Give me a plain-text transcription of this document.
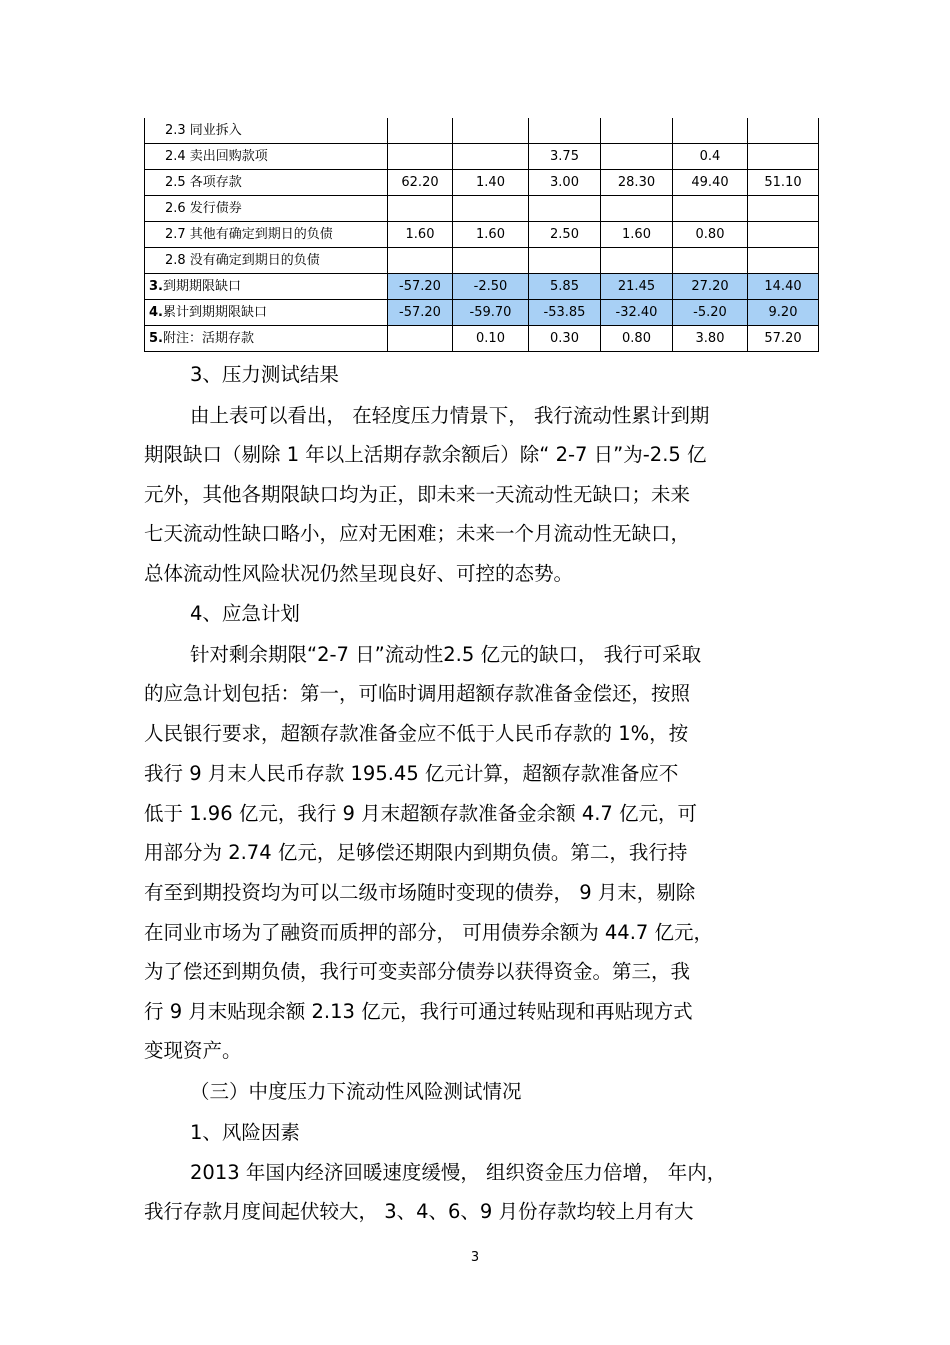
2.3 同业拆入						
2.4 卖出回购款项			3.75		0.4	
2.5 各项存款	62.20	1.40	3.00	28.30	49.40	51.10
2.6 发行债券						
2.7 其他有确定到期日的负债	1.60	1.60	2.50	1.60	0.80	
2.8 没有确定到期日的负债						
3.到期期限缺口	-57.20	-2.50	5.85	21.45	27.20	14.40
4.累计到期期限缺口	-57.20	-59.70	-53.85	-32.40	-5.20	9.20
5.附注：活期存款		0.10	0.30	0.80	3.80	57.20
3、压力测试结果
由上表可以看出， 在轻度压力情景下， 我行流动性累计到期
期限缺口（剔除 1 年以上活期存款余额后）除“ 2-7 日”为-2.5 亿
元外，其他各期限缺口均为正，即未来一天流动性无缺口；未来
七天流动性缺口略小，应对无困难；未来一个月流动性无缺口，
总体流动性风险状况仍然呈现良好、可控的态势。
4、应急计划
针对剩余期限“2-7 日”流动性2.5 亿元的缺口， 我行可采取
的应急计划包括：第一，可临时调用超额存款准备金偿还，按照
人民银行要求，超额存款准备金应不低于人民币存款的 1%，按
我行 9 月末人民币存款 195.45 亿元计算，超额存款准备应不
低于 1.96 亿元，我行 9 月末超额存款准备金余额 4.7 亿元，可
用部分为 2.74 亿元，足够偿还期限内到期负债。第二，我行持
有至到期投资均为可以二级市场随时变现的债券， 9 月末，剔除
在同业市场为了融资而质押的部分， 可用债券余额为 44.7 亿元，
为了偿还到期负债，我行可变卖部分债券以获得资金。第三，我
行 9 月末贴现余额 2.13 亿元，我行可通过转贴现和再贴现方式
变现资产。
（三）中度压力下流动性风险测试情况
1、风险因素
2013 年国内经济回暖速度缓慢， 组织资金压力倍增， 年内，
我行存款月度间起伏较大， 3、4、6、9 月份存款均较上月有大
3
